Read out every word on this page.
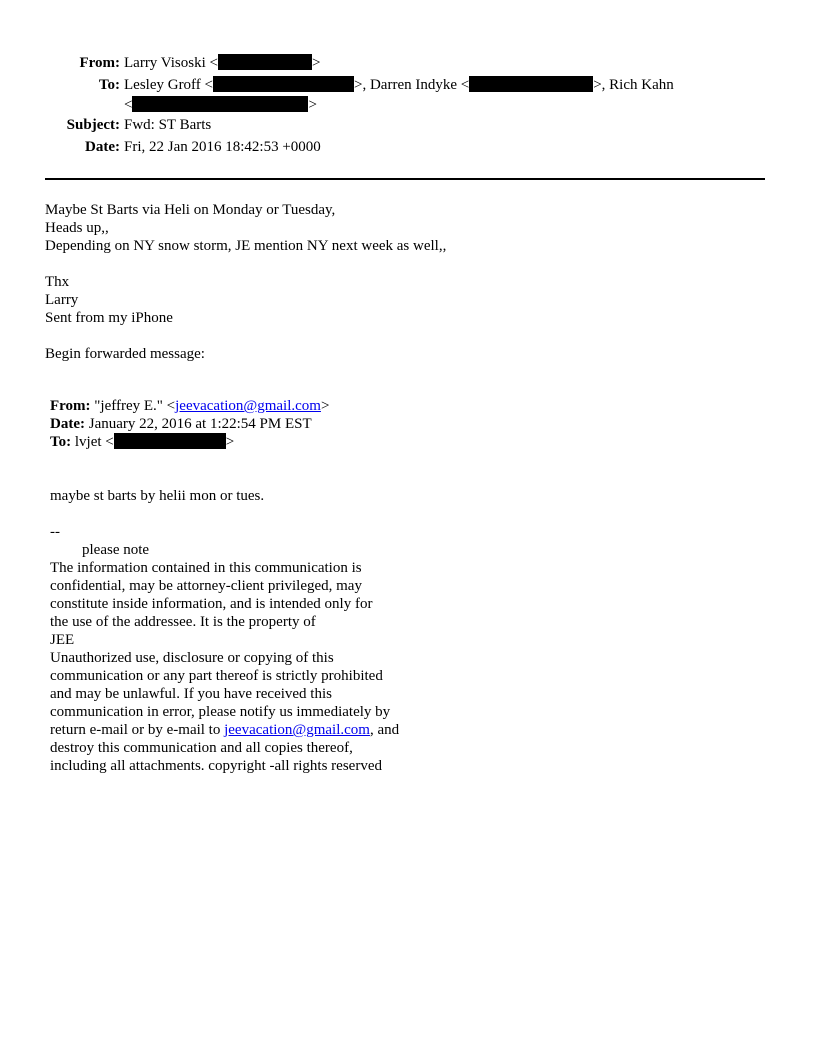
From: Larry Visoski <	>
To: Lesley Groff <	>, Darren Indyke <	>, Rich Kahn
<	>
Subject: Fwd: ST Barts
Date: Fri, 22 Jan 2016 18:42:53 +0000
Maybe St Barts via Heli on Monday or Tuesday,
Heads up,,
Depending on NY snow storm, JE mention NY next week as well,,
Thx
Larry
Sent from my iPhone
Begin forwarded message:
From: "jeffrey E." <jeevacation@gmail.com>
Date: January 22, 2016 at 1:22:54 PM EST
To: lvjet <	>
maybe st barts by helii mon or tues.
--
please note
The information contained in this communication is
confidential, may be attorney-client privileged, may
constitute inside information, and is intended only for
the use of the addressee. It is the property of
JEE
Unauthorized use, disclosure or copying of this
communication or any part thereof is strictly prohibited
and may be unlawful. If you have received this
communication in error, please notify us immediately by
return e-mail or by e-mail to jeevacation@gmail.com, and
destroy this communication and all copies thereof,
including all attachments. copyright -all rights reserved
